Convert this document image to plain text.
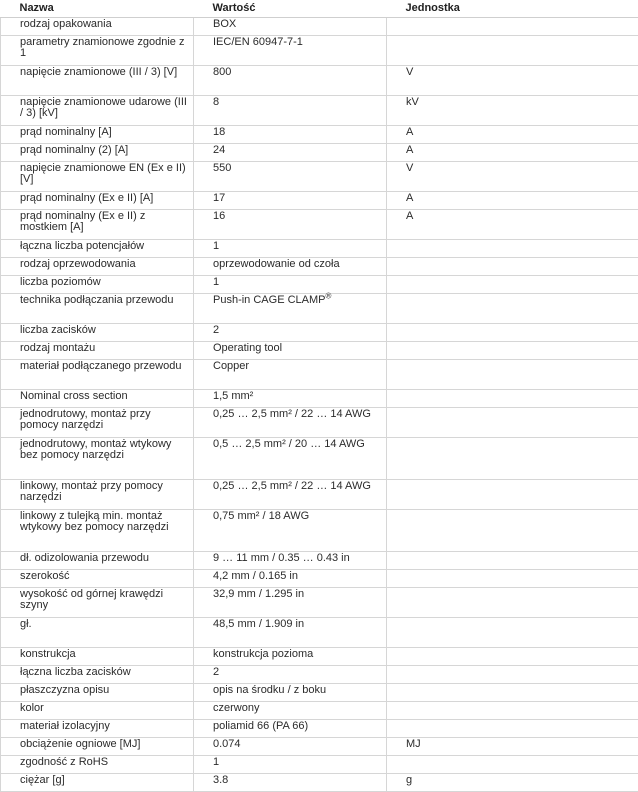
Nazwa	Wartość	Jednostka
rodzaj opakowania	BOX	
parametry znamionowe zgodnie z 1	IEC/EN 60947-7-1	
napięcie znamionowe (III / 3) [V]	800	V
napięcie znamionowe udarowe (III / 3) [kV]	8	kV
prąd nominalny [A]	18	A
prąd nominalny (2) [A]	24	A
napięcie znamionowe EN (Ex e II) [V]	550	V
prąd nominalny (Ex e II) [A]	17	A
prąd nominalny (Ex e II) z mostkiem [A]	16	A
łączna liczba potencjałów	1	
rodzaj oprzewodowania	oprzewodowanie od czoła	
liczba poziomów	1	
technika podłączania przewodu	Push-in CAGE CLAMP®	
liczba zacisków	2	
rodzaj montażu	Operating tool	
materiał podłączanego przewodu	Copper	
Nominal cross section	1,5 mm²	
jednodrutowy, montaż przy pomocy narzędzi	0,25 … 2,5 mm² / 22 … 14 AWG	
jednodrutowy, montaż wtykowy bez pomocy narzędzi	0,5 … 2,5 mm² / 20 … 14 AWG	
linkowy, montaż przy pomocy narzędzi	0,25 … 2,5 mm² / 22 … 14 AWG	
linkowy z tulejką min. montaż wtykowy bez pomocy narzędzi	0,75 mm² / 18 AWG	
dł. odizolowania przewodu	9 … 11 mm / 0.35 … 0.43 in	
szerokość	4,2 mm / 0.165 in	
wysokość od górnej krawędzi szyny	32,9 mm / 1.295 in	
gł.	48,5 mm / 1.909 in	
konstrukcja	konstrukcja pozioma	
łączna liczba zacisków	2	
płaszczyzna opisu	opis na środku / z boku	
kolor	czerwony	
materiał izolacyjny	poliamid 66 (PA 66)	
obciążenie ogniowe [MJ]	0.074	MJ
zgodność z RoHS	1	
ciężar [g]	3.8	g
